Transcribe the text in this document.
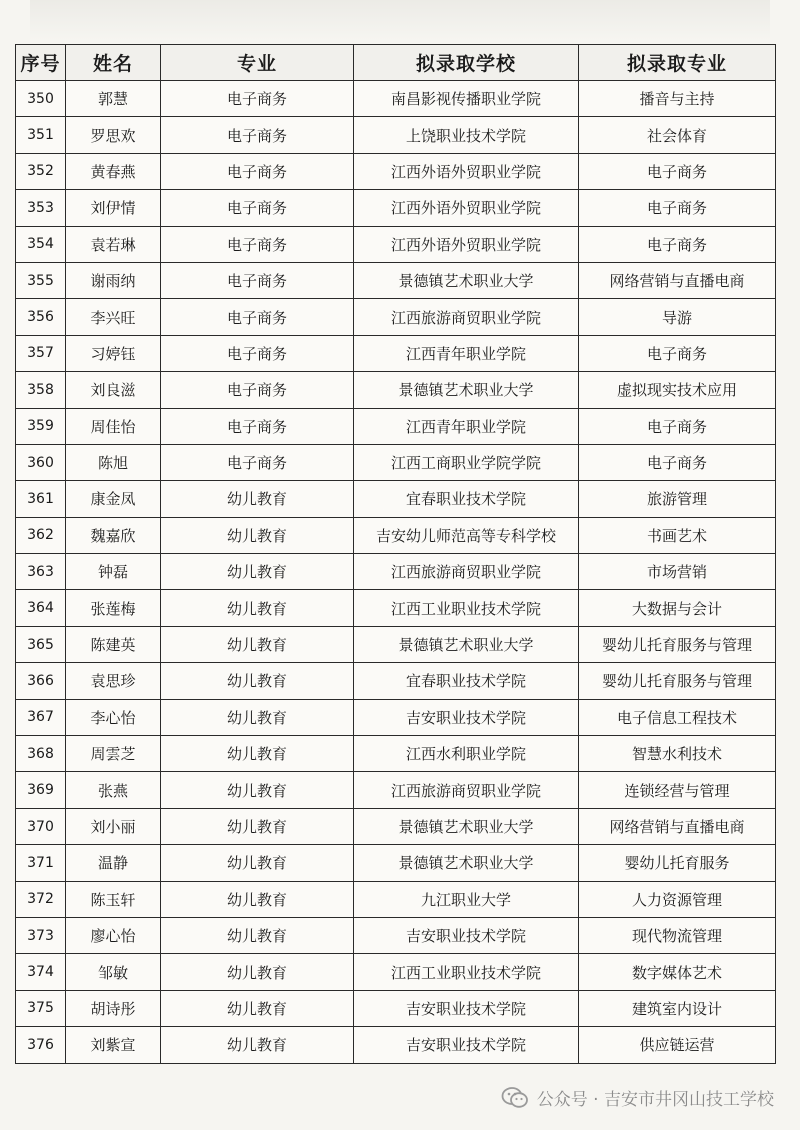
序号	姓名	专业	拟录取学校	拟录取专业
350	郭慧	电子商务	南昌影视传播职业学院	播音与主持
351	罗思欢	电子商务	上饶职业技术学院	社会体育
352	黄春燕	电子商务	江西外语外贸职业学院	电子商务
353	刘伊情	电子商务	江西外语外贸职业学院	电子商务
354	袁若琳	电子商务	江西外语外贸职业学院	电子商务
355	谢雨纳	电子商务	景德镇艺术职业大学	网络营销与直播电商
356	李兴旺	电子商务	江西旅游商贸职业学院	导游
357	习婷钰	电子商务	江西青年职业学院	电子商务
358	刘良滋	电子商务	景德镇艺术职业大学	虚拟现实技术应用
359	周佳怡	电子商务	江西青年职业学院	电子商务
360	陈旭	电子商务	江西工商职业学院学院	电子商务
361	康金凤	幼儿教育	宜春职业技术学院	旅游管理
362	魏嘉欣	幼儿教育	吉安幼儿师范高等专科学校	书画艺术
363	钟磊	幼儿教育	江西旅游商贸职业学院	市场营销
364	张莲梅	幼儿教育	江西工业职业技术学院	大数据与会计
365	陈建英	幼儿教育	景德镇艺术职业大学	婴幼儿托育服务与管理
366	袁思珍	幼儿教育	宜春职业技术学院	婴幼儿托育服务与管理
367	李心怡	幼儿教育	吉安职业技术学院	电子信息工程技术
368	周雲芝	幼儿教育	江西水利职业学院	智慧水利技术
369	张燕	幼儿教育	江西旅游商贸职业学院	连锁经营与管理
370	刘小丽	幼儿教育	景德镇艺术职业大学	网络营销与直播电商
371	温静	幼儿教育	景德镇艺术职业大学	婴幼儿托育服务
372	陈玉轩	幼儿教育	九江职业大学	人力资源管理
373	廖心怡	幼儿教育	吉安职业技术学院	现代物流管理
374	邹敏	幼儿教育	江西工业职业技术学院	数字媒体艺术
375	胡诗彤	幼儿教育	吉安职业技术学院	建筑室内设计
376	刘紫宣	幼儿教育	吉安职业技术学院	供应链运营
公众号 · 吉安市井冈山技工学校
